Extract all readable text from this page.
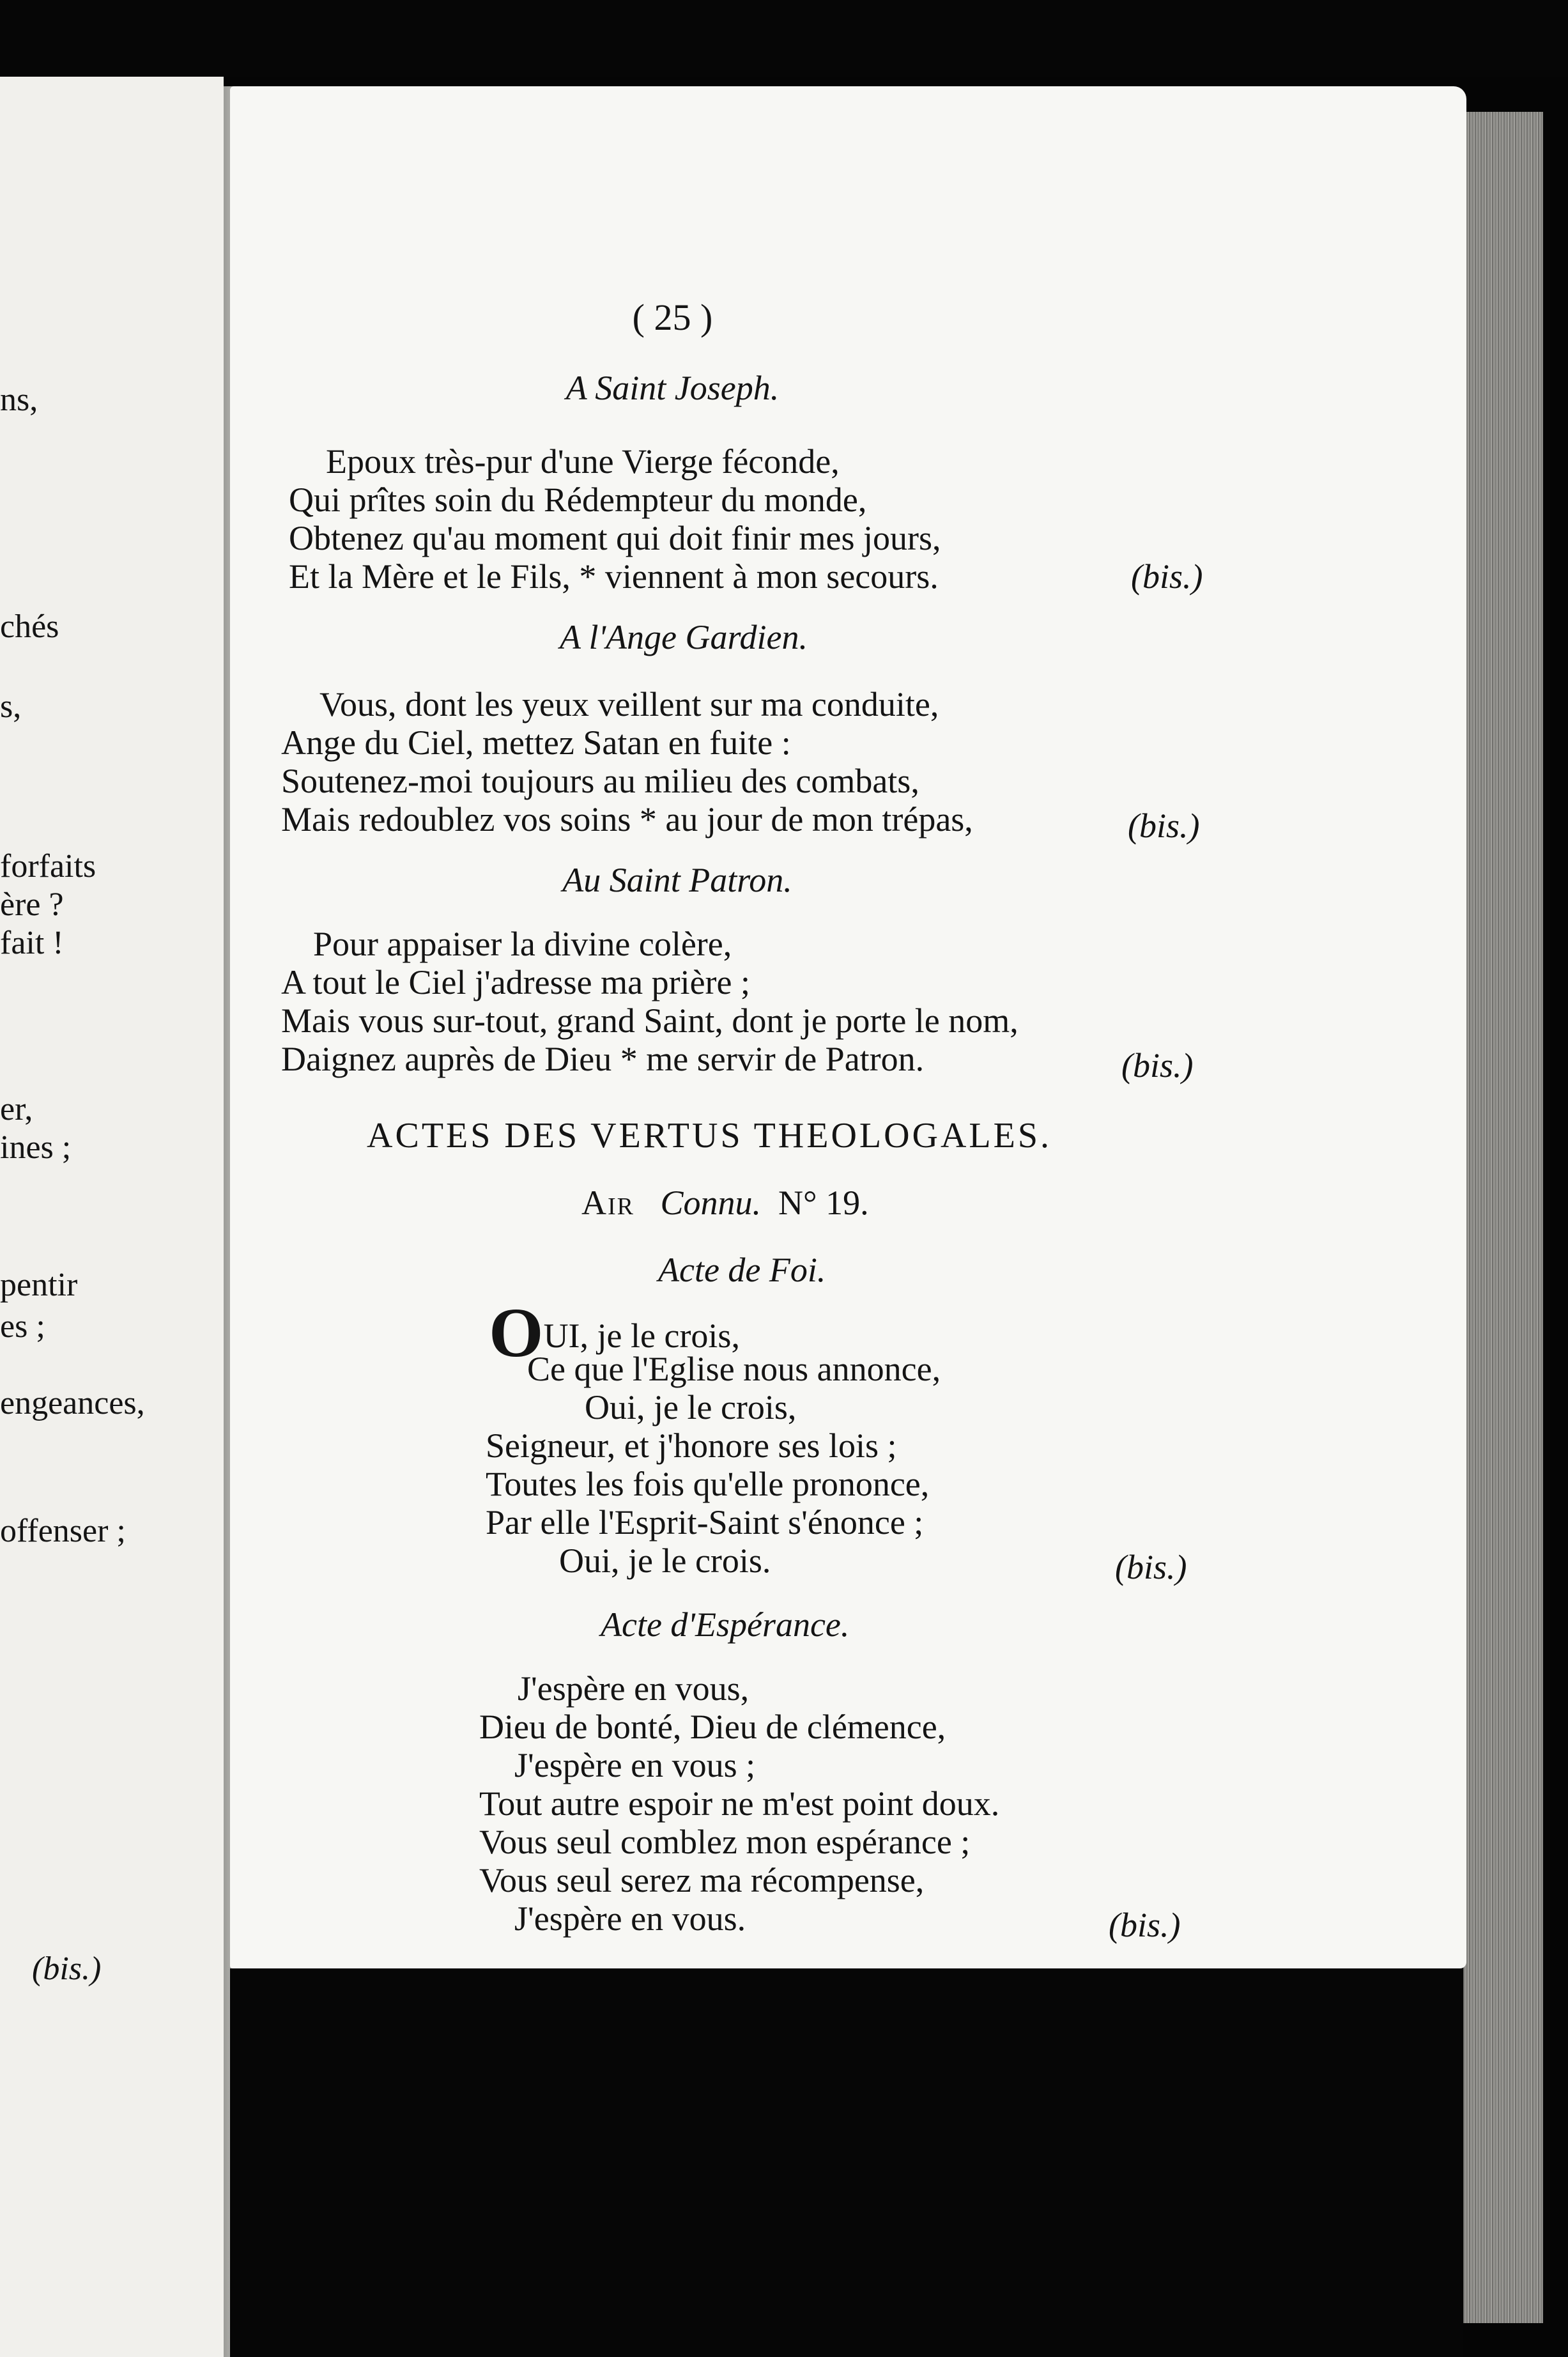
ns,
chés
s,
forfaits
ère ?
fait !
er,
ines ;
pentir
es ;
engeances,
offenser ;
(bis.)
( 25 )
A Saint Joseph.
Epoux très-pur d'une Vierge féconde,
Qui prîtes soin du Rédempteur du monde,
Obtenez qu'au moment qui doit finir mes jours,
Et la Mère et le Fils, * viennent à mon secours.	(bis.)
A l'Ange Gardien.
Vous, dont les yeux veillent sur ma conduite,
Ange du Ciel, mettez Satan en fuite :
Soutenez-moi toujours au milieu des combats,
Mais redoublez vos soins * au jour de mon trépas,	(bis.)
Au Saint Patron.
Pour appaiser la divine colère,
A tout le Ciel j'adresse ma prière ;
Mais vous sur-tout, grand Saint, dont je porte le nom,
Daignez auprès de Dieu * me servir de Patron.	(bis.)
ACTES DES VERTUS THEOLOGALES.
Air Connu. N° 19.
Acte de Foi.
OUI, je le crois,
Ce que l'Eglise nous annonce,
Oui, je le crois,
Seigneur, et j'honore ses lois ;
Toutes les fois qu'elle prononce,
Par elle l'Esprit-Saint s'énonce ;
Oui, je le crois.	(bis.)
Acte d'Espérance.
J'espère en vous,
Dieu de bonté, Dieu de clémence,
J'espère en vous ;
Tout autre espoir ne m'est point doux.
Vous seul comblez mon espérance ;
Vous seul serez ma récompense,
J'espère en vous.	(bis.)
